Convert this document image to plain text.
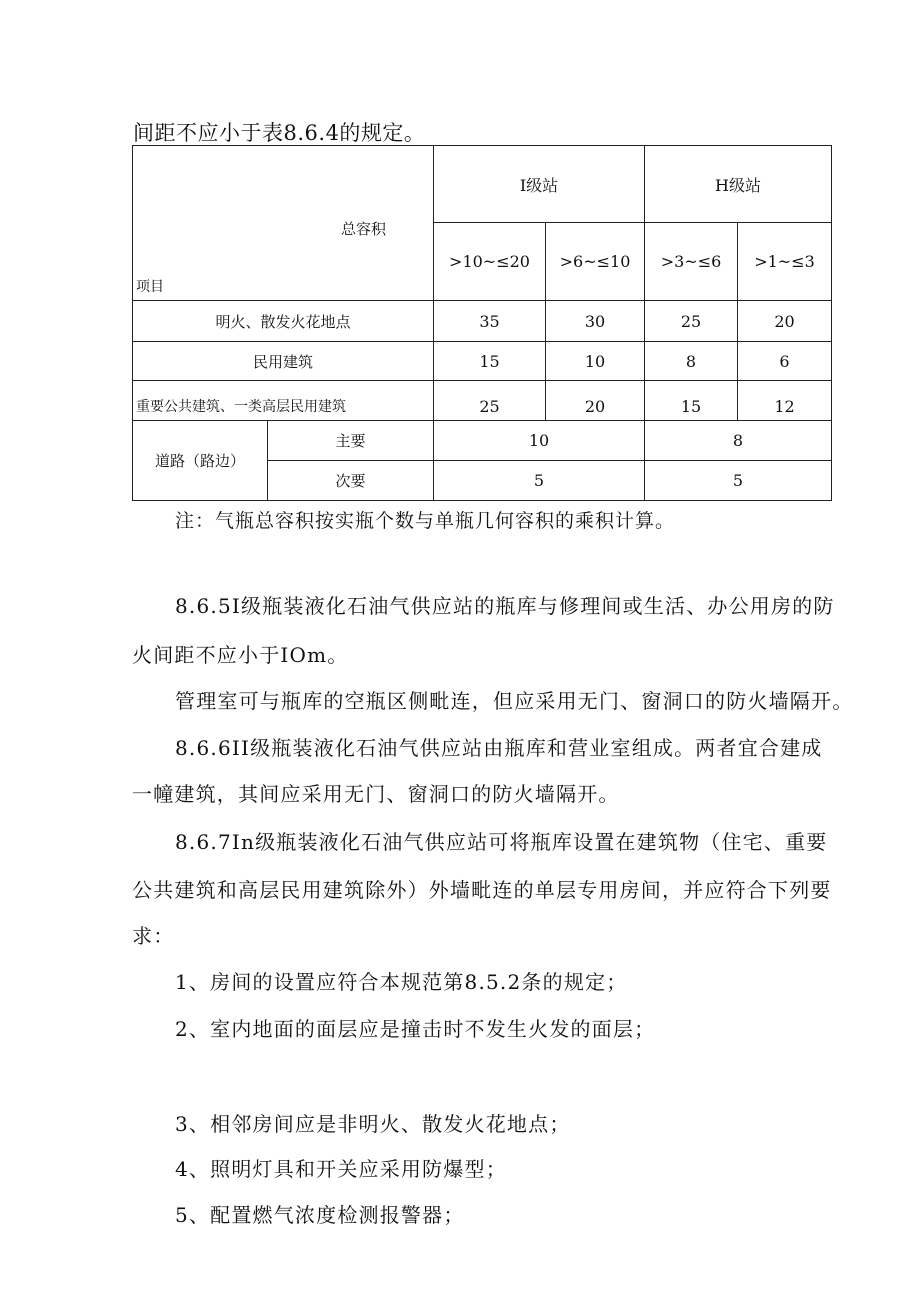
间距不应小于表8.6.4的规定。
总容积
项目		I级站		H级站	
		>10~≤20	>6~≤10	>3~≤6	>1~≤3
明火、散发火花地点		35	30	25	20
民用建筑		15	10	8	6
重要公共建筑、一类高层民用建筑		25	20	15	12
道路（路边）	主要	10		8	
	次要	5		5	
注：气瓶总容积按实瓶个数与单瓶几何容积的乘积计算。
8.6.5I级瓶装液化石油气供应站的瓶库与修理间或生活、办公用房的防
火间距不应小于IOm。
管理室可与瓶库的空瓶区侧毗连，但应采用无门、窗洞口的防火墙隔开。
8.6.6II级瓶装液化石油气供应站由瓶库和营业室组成。两者宜合建成
一幢建筑，其间应采用无门、窗洞口的防火墙隔开。
8.6.7In级瓶装液化石油气供应站可将瓶库设置在建筑物（住宅、重要
公共建筑和高层民用建筑除外）外墙毗连的单层专用房间，并应符合下列要
求：
1、房间的设置应符合本规范第8.5.2条的规定；
2、室内地面的面层应是撞击时不发生火发的面层；
3、相邻房间应是非明火、散发火花地点；
4、照明灯具和开关应采用防爆型；
5、配置燃气浓度检测报警器；
